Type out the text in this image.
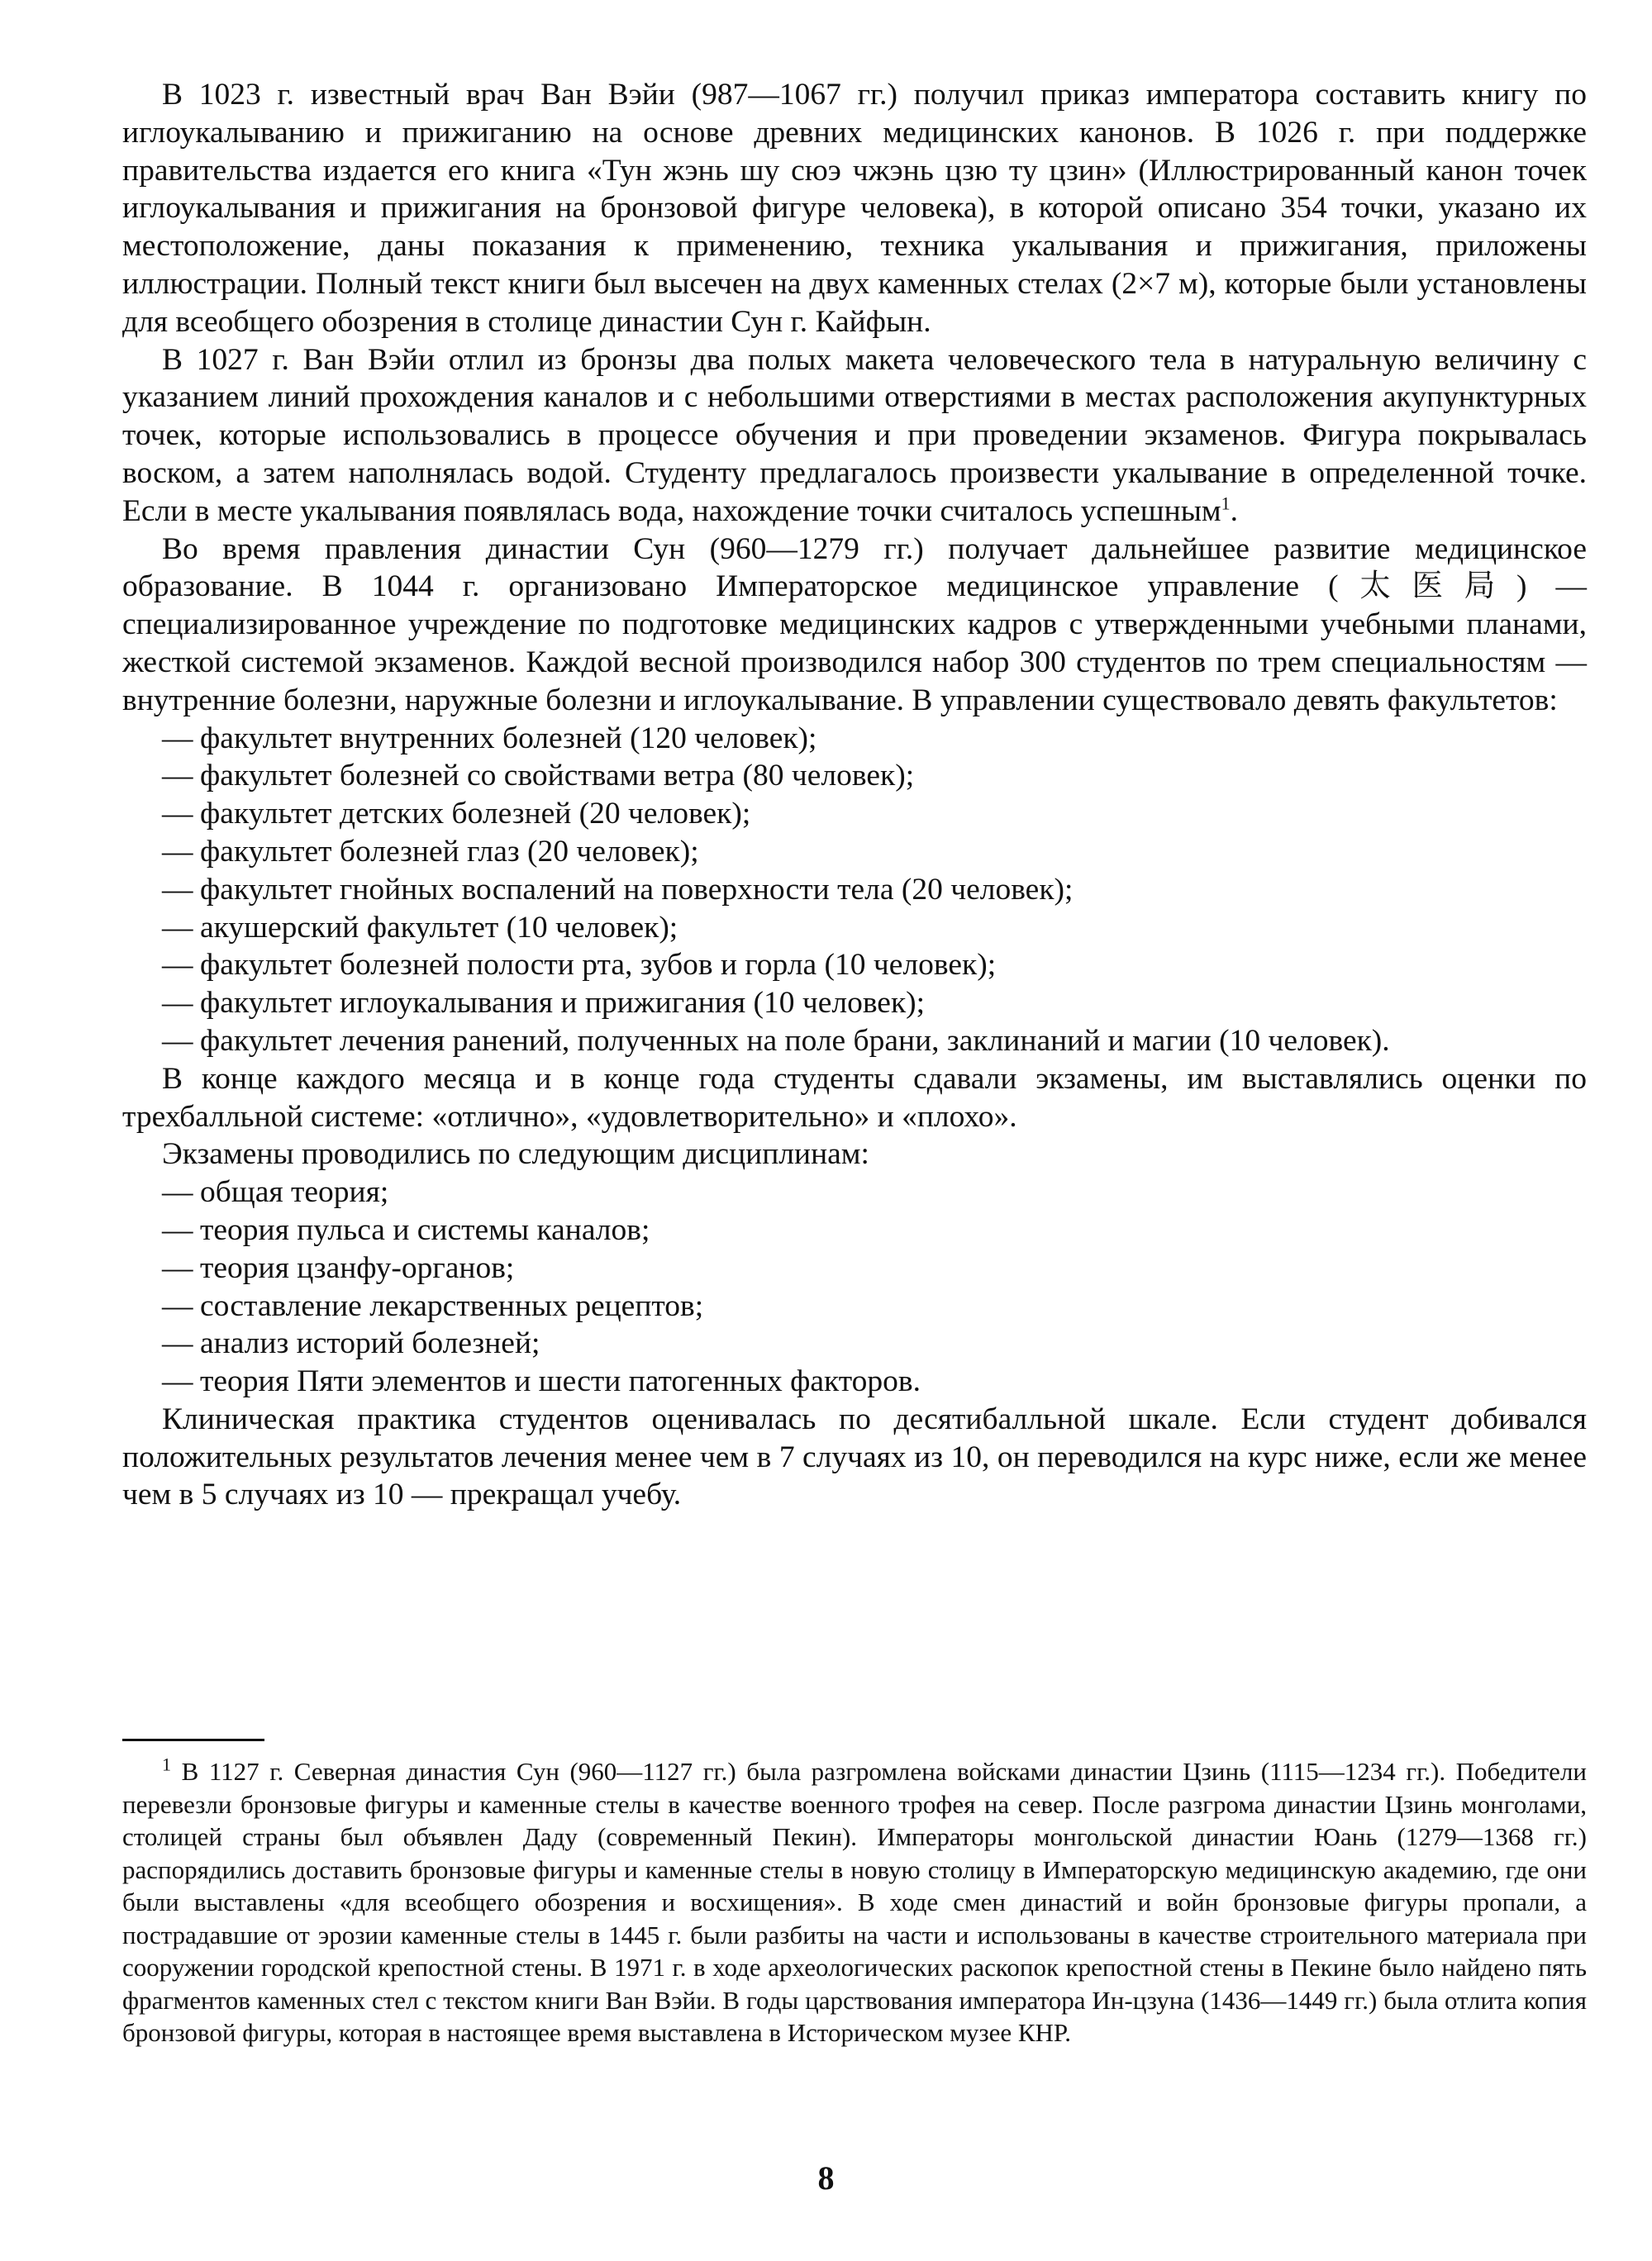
В 1023 г. известный врач Ван Вэйи (987—1067 гг.) получил приказ императора составить книгу по иглоукалыванию и прижиганию на основе древних медицинских канонов. В 1026 г. при поддержке правительства издается его книга «Тун жэнь шу сюэ чжэнь цзю ту цзин» (Иллюстрированный канон точек иглоукалывания и прижигания на бронзовой фигуре человека), в которой описано 354 точки, указано их местоположение, даны показания к применению, техника укалывания и прижигания, приложены иллюстрации. Полный текст книги был высечен на двух каменных стелах (2×7 м), которые были установлены для всеобщего обозрения в столице династии Сун г. Кайфын.

В 1027 г. Ван Вэйи отлил из бронзы два полых макета человеческого тела в натуральную величину с указанием линий прохождения каналов и с небольшими отверстиями в местах расположения акупунктурных точек, которые использовались в процессе обучения и при проведении экзаменов. Фигура покрывалась воском, а затем наполнялась водой. Студенту предлагалось произвести укалывание в определенной точке. Если в месте укалывания появлялась вода, нахождение точки считалось успешным$^1$.

Во время правления династии Сун (960—1279 гг.) получает дальнейшее развитие медицинское образование. В 1044 г. организовано Императорское медицинское управление (太医局) — специализированное учреждение по подготовке медицинских кадров с утвержденными учебными планами, жесткой системой экзаменов. Каждой весной производился набор 300 студентов по трем специальностям — внутренние болезни, наружные болезни и иглоукалывание. В управлении существовало девять факультетов:

— факультет внутренних болезней (120 человек);
— факультет болезней со свойствами ветра (80 человек);
— факультет детских болезней (20 человек);
— факультет болезней глаз (20 человек);
— факультет гнойных воспалений на поверхности тела (20 человек);
— акушерский факультет (10 человек);
— факультет болезней полости рта, зубов и горла (10 человек);
— факультет иглоукалывания и прижигания (10 человек);
— факультет лечения ранений, полученных на поле брани, заклинаний и магии (10 человек).

В конце каждого месяца и в конце года студенты сдавали экзамены, им выставлялись оценки по трехбалльной системе: «отлично», «удовлетворительно» и «плохо».

Экзамены проводились по следующим дисциплинам:

— общая теория;
— теория пульса и системы каналов;
— теория цзанфу-органов;
— составление лекарственных рецептов;
— анализ историй болезней;
— теория Пяти элементов и шести патогенных факторов.

Клиническая практика студентов оценивалась по десятибалльной шкале. Если студент добивался положительных результатов лечения менее чем в 7 случаях из 10, он переводился на курс ниже, если же менее чем в 5 случаях из 10 — прекращал учебу.

$^1$ В 1127 г. Северная династия Сун (960—1127 гг.) была разгромлена войсками династии Цзинь (1115—1234 гг.). Победители перевезли бронзовые фигуры и каменные стелы в качестве военного трофея на север. После разгрома династии Цзинь монголами, столицей страны был объявлен Даду (современный Пекин). Императоры монгольской династии Юань (1279—1368 гг.) распорядились доставить бронзовые фигуры и каменные стелы в новую столицу в Императорскую медицинскую академию, где они были выставлены «для всеобщего обозрения и восхищения». В ходе смен династий и войн бронзовые фигуры пропали, а пострадавшие от эрозии каменные стелы в 1445 г. были разбиты на части и использованы в качестве строительного материала при сооружении городской крепостной стены. В 1971 г. в ходе археологических раскопок крепостной стены в Пекине было найдено пять фрагментов каменных стел с текстом книги Ван Вэйи. В годы царствования императора Ин-цзуна (1436—1449 гг.) была отлита копия бронзовой фигуры, которая в настоящее время выставлена в Историческом музее КНР.

8
